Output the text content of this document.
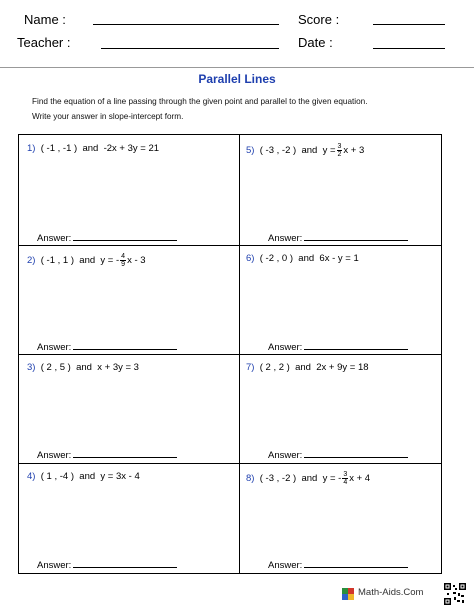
Name :
Teacher :
Score :
Date :
Parallel Lines
Find the equation of a line passing through the given point and parallel to the given equation.
Write your answer in slope-intercept form.
1) ( -1 , -1 ) and -2x + 3y = 21
Answer:
2) ( -1 , 1 ) and y = - $\frac{4}{9}$ x - 3
Answer:
3) ( 2 , 5 ) and x + 3y = 3
Answer:
4) ( 1 , -4 ) and y = 3x - 4
Answer:
5) ( -3 , -2 ) and $y = \frac{3}{2}$ x + 3
Answer:
6) ( -2 , 0 ) and 6x - y = 1
Answer:
7) ( 2 , 2 ) and 2x + 9y = 18
Answer:
8) ( -3 , -2 ) and y = - $\frac{3}{4}$ x + 4
Answer:
Math-Aids.Com
